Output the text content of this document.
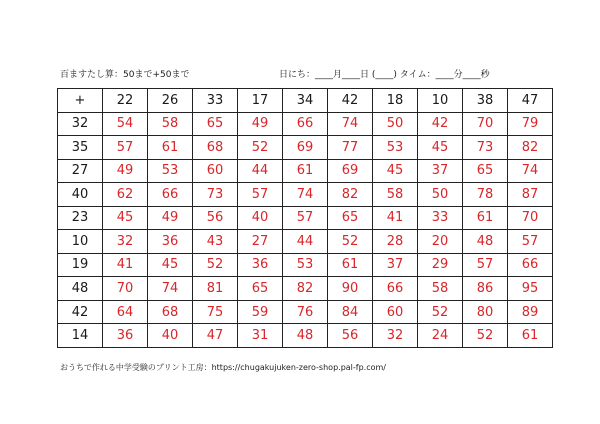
百ますたし算：50まで+50まで	日にち：____月____日 (____) タイム：____分____秒
+	22	26	33	17	34	42	18	10	38	47
32	54	58	65	49	66	74	50	42	70	79
35	57	61	68	52	69	77	53	45	73	82
27	49	53	60	44	61	69	45	37	65	74
40	62	66	73	57	74	82	58	50	78	87
23	45	49	56	40	57	65	41	33	61	70
10	32	36	43	27	44	52	28	20	48	57
19	41	45	52	36	53	61	37	29	57	66
48	70	74	81	65	82	90	66	58	86	95
42	64	68	75	59	76	84	60	52	80	89
14	36	40	47	31	48	56	32	24	52	61
おうちで作れる中学受験のプリント工房：https://chugakujuken-zero-shop.pal-fp.com/
